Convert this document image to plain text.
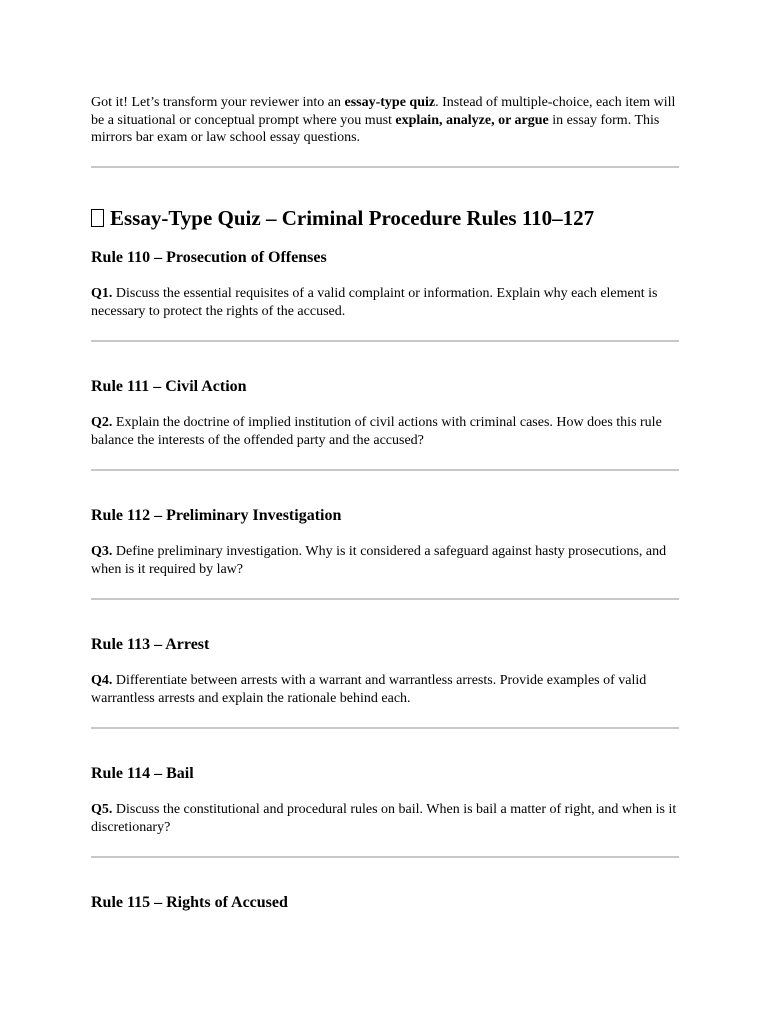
Got it! Let’s transform your reviewer into an essay-type quiz. Instead of multiple-choice, each item will be a situational or conceptual prompt where you must explain, analyze, or argue in essay form. This mirrors bar exam or law school essay questions.

Essay-Type Quiz – Criminal Procedure Rules 110–127
Rule 110 – Prosecution of Offenses

Q1. Discuss the essential requisites of a valid complaint or information. Explain why each element is necessary to protect the rights of the accused.

Rule 111 – Civil Action

Q2. Explain the doctrine of implied institution of civil actions with criminal cases. How does this rule balance the interests of the offended party and the accused?

Rule 112 – Preliminary Investigation

Q3. Define preliminary investigation. Why is it considered a safeguard against hasty prosecutions, and when is it required by law?

Rule 113 – Arrest

Q4. Differentiate between arrests with a warrant and warrantless arrests. Provide examples of valid warrantless arrests and explain the rationale behind each.

Rule 114 – Bail

Q5. Discuss the constitutional and procedural rules on bail. When is bail a matter of right, and when is it discretionary?

Rule 115 – Rights of Accused
